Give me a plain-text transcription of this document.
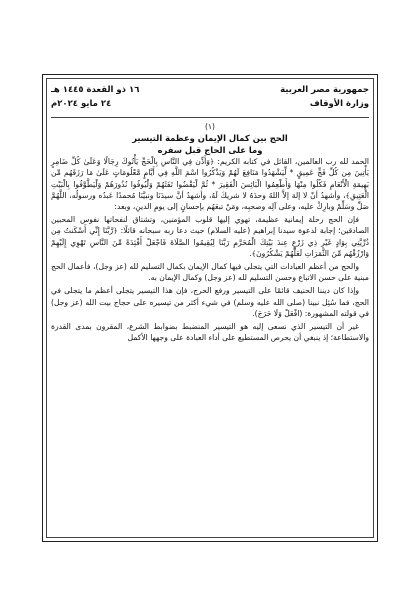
جمهورية مصر العربية
وزارة الأوقاف
١٦ ذو القعدة ١٤٤٥ هـ
٢٤ مايو ٢٠٢٤م
(١)
الحج بين كمال الإيمان وعظمة التيسير
وما على الحاج قبل سفره

الحمد لله رب العالمين، القائل في كتابه الكريم: ﴿وَأَذِّن فِي النَّاسِ بِالْحَجِّ يَأْتُوكَ رِجَالًا وَعَلَىٰ كُلِّ ضَامِرٍ يَأْتِينَ مِن كُلِّ فَجٍّ عَمِيقٍ * لِّيَشْهَدُوا مَنَافِعَ لَهُمْ وَيَذْكُرُوا اسْمَ اللَّهِ فِي أَيَّامٍ مَّعْلُومَاتٍ عَلَىٰ مَا رَزَقَهُم مِّن بَهِيمَةِ الْأَنْعَامِ فَكُلُوا مِنْهَا وَأَطْعِمُوا الْبَائِسَ الْفَقِيرَ * ثُمَّ لْيَقْضُوا تَفَثَهُمْ وَلْيُوفُوا نُذُورَهُمْ وَلْيَطَّوَّفُوا بِالْبَيْتِ الْعَتِيقِ﴾، وأشهدُ أنْ لا إلهَ إلاَّ اللهُ وحدَهُ لا شريكَ لَهُ، وأشهدُ أنَّ سيدَنَا ونبيَّنَا مُحمدًا عَبدُه ورسولُه، اللَّهُمَّ صَلِّ وسَلِّمْ وبارِكْ عليه، وعلى آلِه وصحبِه، ومَنْ تبعَهُم بإحسانٍ إلى يومِ الدينِ، وبعد:

فإن الحج رحلة إيمانية عظيمة، تهوي إليها قلوب المؤمنين، وتشتاق لنفحاتها نفوس المحبين الصادقين؛ إجابة لدعوة سيدنا إبراهيم (عليه السلام) حيث دعا ربه سبحانه قائلًا: ﴿رَّبَّنَا إِنِّي أَسْكَنتُ مِن ذُرِّيَّتِي بِوَادٍ غَيْرِ ذِي زَرْعٍ عِندَ بَيْتِكَ الْمُحَرَّمِ رَبَّنَا لِيُقِيمُوا الصَّلَاةَ فَاجْعَلْ أَفْئِدَةً مِّنَ النَّاسِ تَهْوِي إِلَيْهِمْ وَارْزُقْهُم مِّنَ الثَّمَرَاتِ لَعَلَّهُمْ يَشْكُرُونَ﴾.

والحج من أعظم العبادات التي يتجلى فيها كمال الإيمان بكمال التسليم لله (عز وجل)، فأعمال الحج مبنية على حسن الاتباع وحسن التسليم لله (عز وجل) وكمال الإيمان به.

وإذا كان ديننا الحنيف قائمًا على التيسير ورفع الحرج، فإن هذا التيسير يتجلى أعظم ما يتجلى في الحج، فما سُئِل نبينا (صلى الله عليه وسلم) في شيء أكثر من تيسيره على حجاج بيت الله (عز وجل) في قولته المشهورة: (افْعَلْ وَلَا حَرَجَ).

غير أن التيسير الذي نسعى إليه هو التيسير المنضبط بضوابط الشرع، المقرون بمدى القدرة والاستطاعة؛ إذ ينبغي أن يحرص المستطيع على أداء العبادة على وجهها الأكمل
